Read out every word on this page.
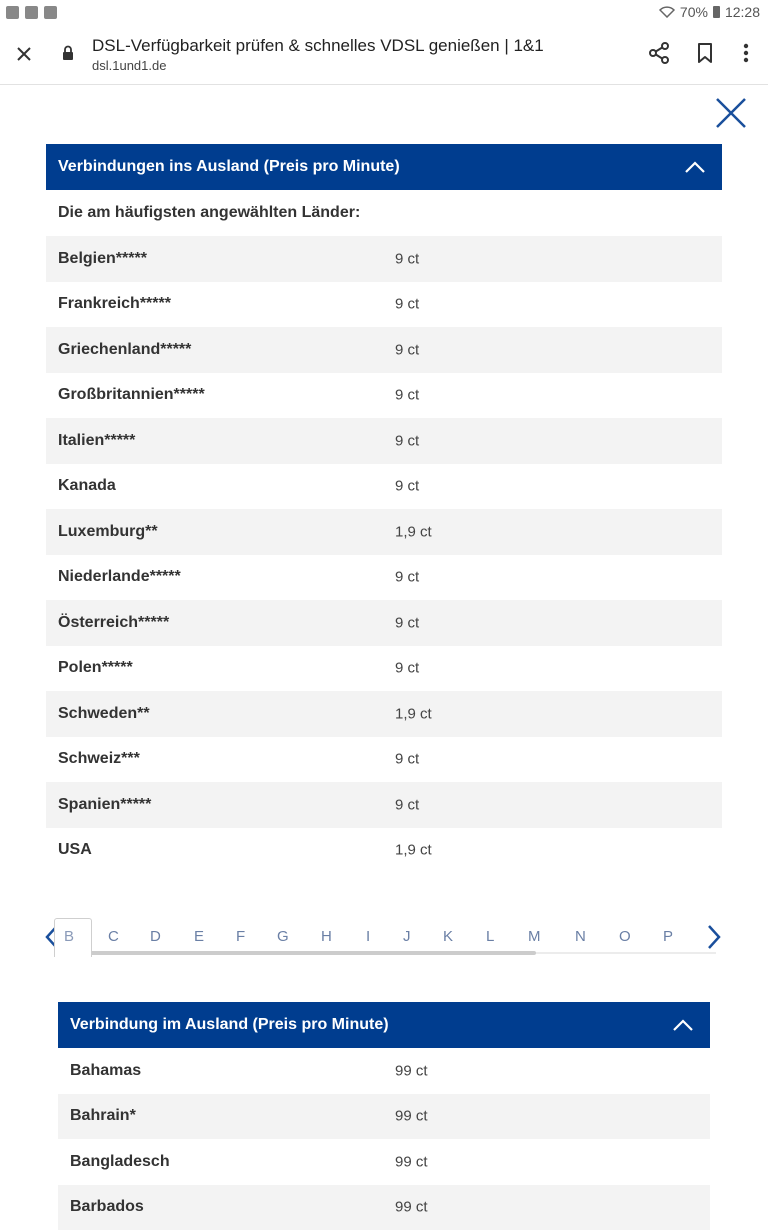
70% 12:28
DSL-Verfügbarkeit prüfen & schnelles VDSL genießen | 1&1
dsl.1und1.de
Verbindungen ins Ausland (Preis pro Minute)
Die am häufigsten angewählten Länder:
Belgien*****	9 ct
Frankreich*****	9 ct
Griechenland*****	9 ct
Großbritannien*****	9 ct
Italien*****	9 ct
Kanada	9 ct
Luxemburg**	1,9 ct
Niederlande*****	9 ct
Österreich*****	9 ct
Polen*****	9 ct
Schweden**	1,9 ct
Schweiz***	9 ct
Spanien*****	9 ct
USA	1,9 ct
B C D E F G H I J K L M N O P
Verbindung im Ausland (Preis pro Minute)
Bahamas	99 ct
Bahrain*	99 ct
Bangladesch	99 ct
Barbados	99 ct
